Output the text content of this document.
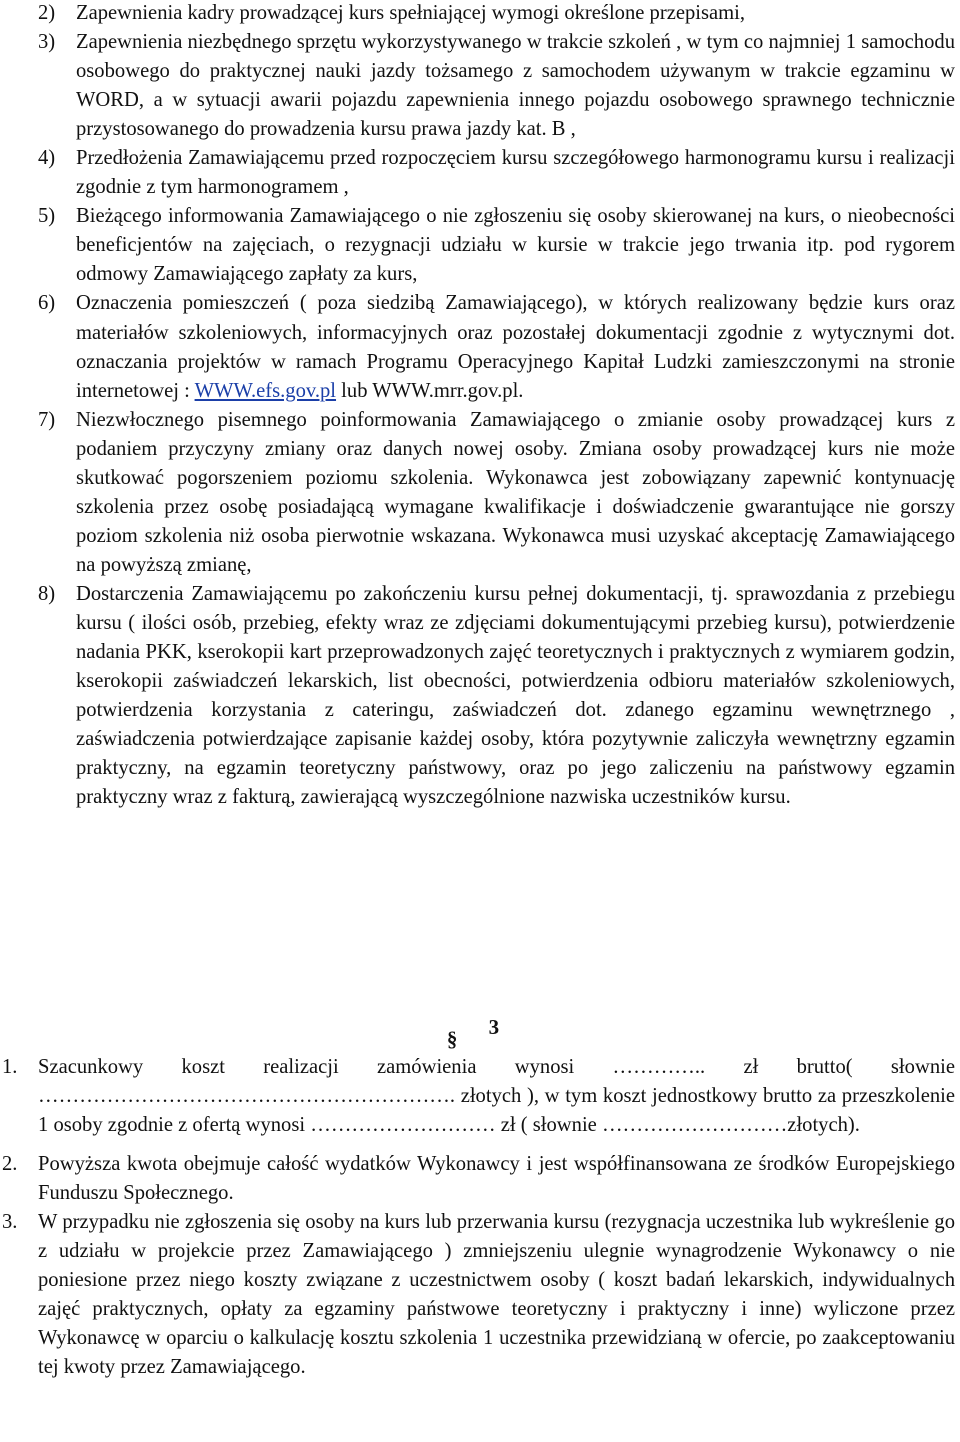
2) Zapewnienia kadry prowadzącej kurs spełniającej wymogi określone przepisami,
3) Zapewnienia niezbędnego sprzętu wykorzystywanego w trakcie szkoleń , w tym co najmniej 1 samochodu osobowego do praktycznej nauki jazdy tożsamego z samochodem używanym w trakcie egzaminu w WORD, a w sytuacji awarii pojazdu zapewnienia innego pojazdu osobowego sprawnego technicznie przystosowanego do prowadzenia kursu prawa jazdy kat. B ,
4) Przedłożenia Zamawiającemu przed rozpoczęciem kursu szczegółowego harmonogramu kursu i realizacji zgodnie z tym harmonogramem ,
5) Bieżącego informowania Zamawiającego o nie zgłoszeniu się osoby skierowanej na kurs, o nieobecności beneficjentów na zajęciach, o rezygnacji udziału w kursie w trakcie jego trwania itp. pod rygorem odmowy Zamawiającego zapłaty za kurs,
6) Oznaczenia pomieszczeń ( poza siedzibą Zamawiającego), w których realizowany będzie kurs oraz materiałów szkoleniowych, informacyjnych oraz pozostałej dokumentacji zgodnie z wytycznymi dot. oznaczania projektów w ramach Programu Operacyjnego Kapitał Ludzki zamieszczonymi na stronie internetowej : WWW.efs.gov.pl lub WWW.mrr.gov.pl.
7) Niezwłocznego pisemnego poinformowania Zamawiającego o zmianie osoby prowadzącej kurs z podaniem przyczyny zmiany oraz danych nowej osoby. Zmiana osoby prowadzącej kurs nie może skutkować pogorszeniem poziomu szkolenia. Wykonawca jest zobowiązany zapewnić kontynuację szkolenia przez osobę posiadającą wymagane kwalifikacje i doświadczenie gwarantujące nie gorszy poziom szkolenia niż osoba pierwotnie wskazana. Wykonawca musi uzyskać akceptację Zamawiającego na powyższą zmianę,
8) Dostarczenia Zamawiającemu po zakończeniu kursu pełnej dokumentacji, tj. sprawozdania z przebiegu kursu ( ilości osób, przebieg, efekty wraz ze zdjęciami dokumentującymi przebieg kursu), potwierdzenie nadania PKK, kserokopii kart przeprowadzonych zajęć teoretycznych i praktycznych z wymiarem godzin, kserokopii zaświadczeń lekarskich, list obecności, potwierdzenia odbioru materiałów szkoleniowych, potwierdzenia korzystania z cateringu, zaświadczeń dot. zdanego egzaminu wewnętrznego , zaświadczenia potwierdzające zapisanie każdej osoby, która pozytywnie zaliczyła wewnętrzny egzamin praktyczny, na egzamin teoretyczny państwowy, oraz po jego zaliczeniu na państwowy egzamin praktyczny wraz z fakturą, zawierającą wyszczególnione nazwiska uczestników kursu.
§ 3
1. Szacunkowy koszt realizacji zamówienia wynosi ………….. zł brutto( słownie ……………………………………………………. złotych ), w tym koszt jednostkowy brutto za przeszkolenie 1 osoby zgodnie z ofertą wynosi ……………………… zł ( słownie ………………………złotych).
2. Powyższa kwota obejmuje całość wydatków Wykonawcy i jest współfinansowana ze środków Europejskiego Funduszu Społecznego.
3. W przypadku nie zgłoszenia się osoby na kurs lub przerwania kursu (rezygnacja uczestnika lub wykreślenie go z udziału w projekcie przez Zamawiającego ) zmniejszeniu ulegnie wynagrodzenie Wykonawcy o nie poniesione przez niego koszty związane z uczestnictwem osoby ( koszt badań lekarskich, indywidualnych zajęć praktycznych, opłaty za egzaminy państwowe teoretyczny i praktyczny i inne) wyliczone przez Wykonawcę w oparciu o kalkulację kosztu szkolenia 1 uczestnika przewidzianą w ofercie, po zaakceptowaniu tej kwoty przez Zamawiającego.
